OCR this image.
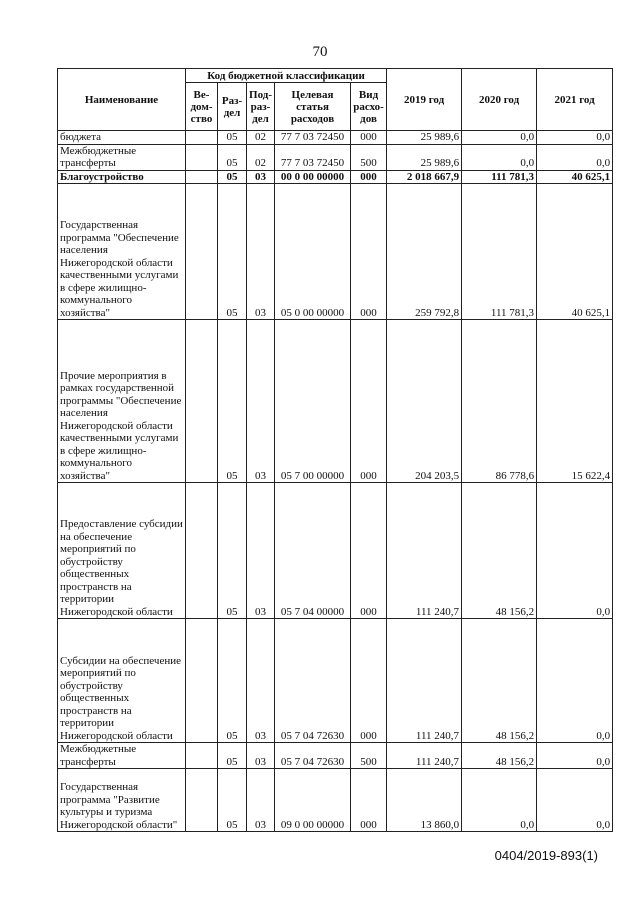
70
Наименование	Код бюджетной классификации					2019 год	2020 год	2021 год
	Ве-дом-ство	Раз-дел	Под-раз-дел	Целевая статья расходов	Вид расхо-дов			
бюджета		05	02	77 7 03 72450	000	25 989,6	0,0	0,0
Межбюджетные трансферты		05	02	77 7 03 72450	500	25 989,6	0,0	0,0
Благоустройство		05	03	00 0 00 00000	000	2 018 667,9	111 781,3	40 625,1
Государственная программа "Обеспечение населения Нижегородской области качественными услугами в сфере жилищно-коммунального хозяйства"		05	03	05 0 00 00000	000	259 792,8	111 781,3	40 625,1
Прочие мероприятия в рамках государственной программы "Обеспечение населения Нижегородской области качественными услугами в сфере жилищно-коммунального хозяйства"		05	03	05 7 00 00000	000	204 203,5	86 778,6	15 622,4
Предоставление субсидии на обеспечение мероприятий по обустройству общественных пространств на территории Нижегородской области		05	03	05 7 04 00000	000	111 240,7	48 156,2	0,0
Субсидии на обеспечение мероприятий по обустройству общественных пространств на территории Нижегородской области		05	03	05 7 04 72630	000	111 240,7	48 156,2	0,0
Межбюджетные трансферты		05	03	05 7 04 72630	500	111 240,7	48 156,2	0,0
Государственная программа "Развитие культуры и туризма Нижегородской области"		05	03	09 0 00 00000	000	13 860,0	0,0	0,0
0404/2019-893(1)
